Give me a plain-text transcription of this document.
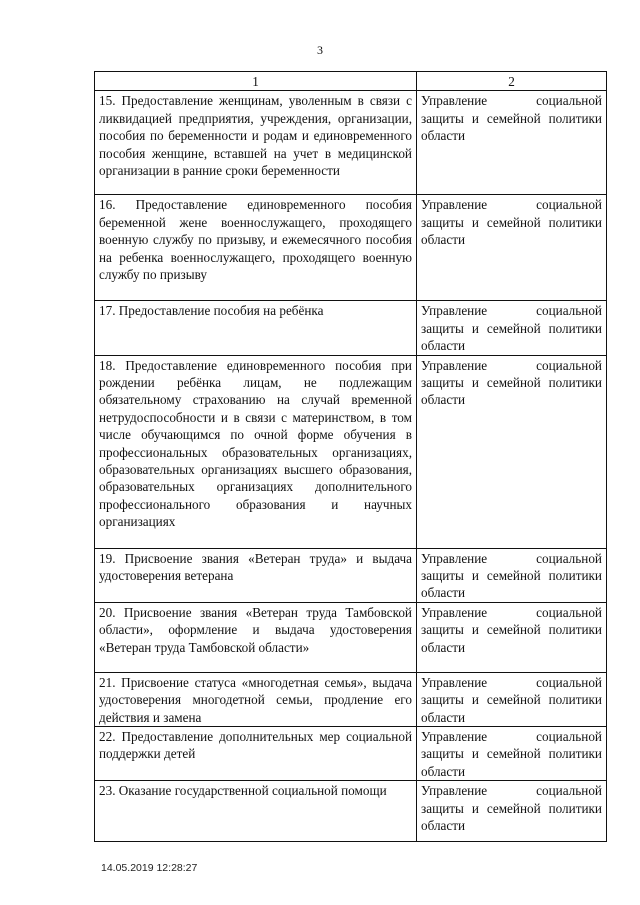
3
1	2
15. Предоставление женщинам, уволенным в связи с ликвидацией предприятия, учреждения, организации, пособия по беременности и родам и единовременного пособия женщине, вставшей на учет в медицинской организации в ранние сроки беременности	Управление социальной защиты и семейной политики области
16. Предоставление единовременного пособия беременной жене военнослужащего, проходящего военную службу по призыву, и ежемесячного пособия на ребенка военнослужащего, проходящего военную службу по призыву	Управление социальной защиты и семейной политики области
17. Предоставление пособия на ребёнка	Управление социальной защиты и семейной политики области
18. Предоставление единовременного пособия при рождении ребёнка лицам, не подлежащим обязательному страхованию на случай временной нетрудоспособности и в связи с материнством, в том числе обучающимся по очной форме обучения в профессиональных образовательных организациях, образовательных организациях высшего образования, образовательных организациях дополнительного профессионального образования и научных организациях	Управление социальной защиты и семейной политики области
19. Присвоение звания «Ветеран труда» и выдача удостоверения ветерана	Управление социальной защиты и семейной политики области
20. Присвоение звания «Ветеран труда Тамбовской области», оформление и выдача удостоверения «Ветеран труда Тамбовской области»	Управление социальной защиты и семейной политики области
21. Присвоение статуса «многодетная семья», выдача удостоверения многодетной семьи, продление его действия и замена	Управление социальной защиты и семейной политики области
22. Предоставление дополнительных мер социальной поддержки детей	Управление социальной защиты и семейной политики области
23. Оказание государственной социальной помощи	Управление социальной защиты и семейной политики области
14.05.2019 12:28:27
